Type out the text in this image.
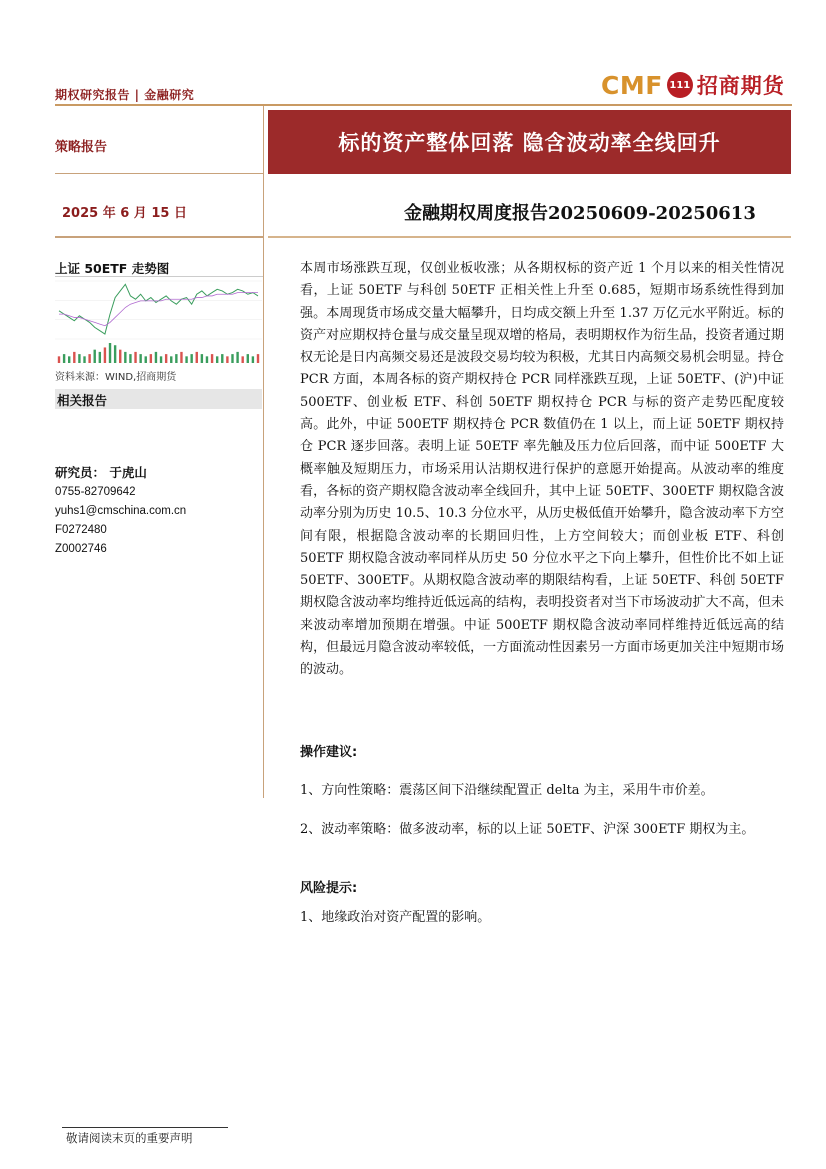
期权研究报告 | 金融研究	CMF 111 招商期货
策略报告
2025 年 6 月 15 日
上证 50ETF 走势图
资料来源：WIND,招商期货
相关报告
研究员： 于虎山
0755-82709642
yuhs1@cmschina.com.cn
F0272480
Z0002746
标的资产整体回落 隐含波动率全线回升
金融期权周度报告20250609-20250613
本周市场涨跌互现，仅创业板收涨；从各期权标的资产近 1 个月以来的相关性情况看，上证 50ETF 与科创 50ETF 正相关性上升至 0.685，短期市场系统性得到加强。本周现货市场成交量大幅攀升，日均成交额上升至 1.37 万亿元水平附近。标的资产对应期权持仓量与成交量呈现双增的格局，表明期权作为衍生品，投资者通过期权无论是日内高频交易还是波段交易均较为积极，尤其日内高频交易机会明显。持仓 PCR 方面，本周各标的资产期权持仓 PCR 同样涨跌互现，上证 50ETF、(沪)中证 500ETF、创业板 ETF、科创 50ETF 期权持仓 PCR 与标的资产走势匹配度较高。此外，中证 500ETF 期权持仓 PCR 数值仍在 1 以上，而上证 50ETF 期权持仓 PCR 逐步回落。表明上证 50ETF 率先触及压力位后回落，而中证 500ETF 大概率触及短期压力，市场采用认沽期权进行保护的意愿开始提高。从波动率的维度看，各标的资产期权隐含波动率全线回升，其中上证 50ETF、300ETF 期权隐含波动率分别为历史 10.5、10.3 分位水平，从历史极低值开始攀升，隐含波动率下方空间有限，根据隐含波动率的长期回归性，上方空间较大；而创业板 ETF、科创 50ETF 期权隐含波动率同样从历史 50 分位水平之下向上攀升，但性价比不如上证 50ETF、300ETF。从期权隐含波动率的期限结构看，上证 50ETF、科创 50ETF 期权隐含波动率均维持近低远高的结构，表明投资者对当下市场波动扩大不高，但未来波动率增加预期在增强。中证 500ETF 期权隐含波动率同样维持近低远高的结构，但最远月隐含波动率较低，一方面流动性因素另一方面市场更加关注中短期市场的波动。
操作建议:
1、方向性策略：震荡区间下沿继续配置正 delta 为主，采用牛市价差。
2、波动率策略：做多波动率，标的以上证 50ETF、沪深 300ETF 期权为主。
风险提示:
1、地缘政治对资产配置的影响。
敬请阅读末页的重要声明
